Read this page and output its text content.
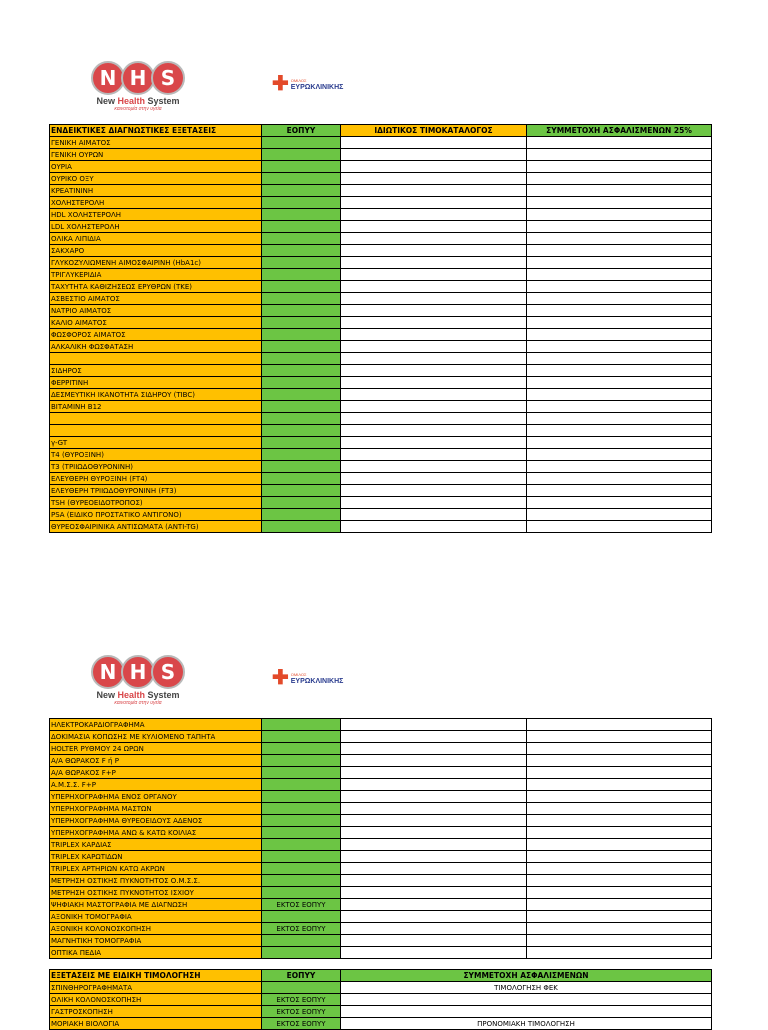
N H S
New Health System
καινοτομία στην υγεία
✚ ΟΜΙΛΟΣ
ΕΥΡΩΚΛΙΝΙΚΗΣ
ΕΝΔΕΙΚΤΙΚΕΣ ΔΙΑΓΝΩΣΤΙΚΕΣ ΕΞΕΤΑΣΕΙΣ	ΕΟΠΥΥ	ΙΔΙΩΤΙΚΟΣ ΤΙΜΟΚΑΤΑΛΟΓΟΣ	ΣΥΜΜΕΤΟΧΗ ΑΣΦΑΛΙΣΜΕΝΩΝ 25%
ΓΕΝΙΚΗ ΑΙΜΑΤΟΣ			
ΓΕΝΙΚΗ ΟΥΡΩΝ			
ΟΥΡΙΑ			
ΟΥΡΙΚΟ ΟΞΥ			
ΚΡΕΑΤΙΝΙΝΗ			
ΧΟΛΗΣΤΕΡΟΛΗ			
HDL ΧΟΛΗΣΤΕΡΟΛΗ			
LDL ΧΟΛΗΣΤΕΡΟΛΗ			
ΟΛΙΚΑ ΛΙΠΙΔΙΑ			
ΣΑΚΧΑΡΟ			
ΓΛΥΚΟΖΥΛΙΩΜΕΝΗ ΑΙΜΟΣΦΑΙΡΙΝΗ (HbA1c)			
ΤΡΙΓΛΥΚΕΡΙΔΙΑ			
ΤΑΧΥΤΗΤΑ ΚΑΘΙΖΗΣΕΩΣ ΕΡΥΘΡΩΝ (ΤΚΕ)			
ΑΣΒΕΣΤΙΟ ΑΙΜΑΤΟΣ			
ΝΑΤΡΙΟ ΑΙΜΑΤΟΣ			
ΚΑΛΙΟ ΑΙΜΑΤΟΣ			
ΦΩΣΦΟΡΟΣ ΑΙΜΑΤΟΣ			
ΑΛΚΑΛΙΚΗ ΦΩΣΦΑΤΑΣΗ			

ΣΙΔΗΡΟΣ			
ΦΕΡΡΙΤΙΝΗ			
ΔΕΣΜΕΥΤΙΚΗ ΙΚΑΝΟΤΗΤΑ ΣΙΔΗΡΟΥ (TIBC)			
ΒΙΤΑΜΙΝΗ Β12			

γ-GT			
T4 (ΘΥΡΟΞΙΝΗ)			
T3 (ΤΡΙΙΩΔΟΘΥΡΟΝΙΝΗ)			
ΕΛΕΥΘΕΡΗ ΘΥΡΟΞΙΝΗ (FT4)			
ΕΛΕΥΘΕΡΗ ΤΡΙΙΩΔΟΘΥΡΟΝΙΝΗ (FT3)			
TSH (ΘΥΡΕΟΕΙΔΟΤΡΟΠΟΣ)			
PSA (ΕΙΔΙΚΟ ΠΡΟΣΤΑΤΙΚΟ ΑΝΤΙΓΟΝΟ)			
ΘΥΡΕΟΣΦΑΙΡΙΝΙΚΑ ΑΝΤΙΣΩΜΑΤΑ (ANTI-TG)			
N H S
New Health System
καινοτομία στην υγεία
✚ ΟΜΙΛΟΣ
ΕΥΡΩΚΛΙΝΙΚΗΣ
ΗΛΕΚΤΡΟΚΑΡΔΙΟΓΡΑΦΗΜΑ			
ΔΟΚΙΜΑΣΙΑ ΚΟΠΩΣΗΣ ΜΕ ΚΥΛΙΟΜΕΝΟ ΤΑΠΗΤΑ			
HOLTER ΡΥΘΜΟΥ 24 ΩΡΩΝ			
Α/Α ΘΩΡΑΚΟΣ F ή P			
Α/Α ΘΩΡΑΚΟΣ F+P			
Α.Μ.Σ.Σ. F+P			
ΥΠΕΡΗΧΟΓΡΑΦΗΜΑ ΕΝΟΣ ΟΡΓΑΝΟΥ			
ΥΠΕΡΗΧΟΓΡΑΦΗΜΑ ΜΑΣΤΩΝ			
ΥΠΕΡΗΧΟΓΡΑΦΗΜΑ ΘΥΡΕΟΕΙΔΟΥΣ ΑΔΕΝΟΣ			
ΥΠΕΡΗΧΟΓΡΑΦΗΜΑ ΑΝΩ & ΚΑΤΩ ΚΟΙΛΙΑΣ			
TRIPLEX ΚΑΡΔΙΑΣ			
TRIPLEX ΚΑΡΩΤΙΔΩΝ			
TRIPLEX ΑΡΤΗΡΙΩΝ ΚΑΤΩ ΑΚΡΩΝ			
ΜΕΤΡΗΣΗ ΟΣΤΙΚΗΣ ΠΥΚΝΟΤΗΤΟΣ Ο.Μ.Σ.Σ.			
ΜΕΤΡΗΣΗ ΟΣΤΙΚΗΣ ΠΥΚΝΟΤΗΤΟΣ ΙΣΧΙΟΥ			
ΨΗΦΙΑΚΗ ΜΑΣΤΟΓΡΑΦΙΑ ΜΕ ΔΙΑΓΝΩΣΗ	ΕΚΤΟΣ ΕΟΠΥΥ		
ΑΞΟΝΙΚΗ ΤΟΜΟΓΡΑΦΙΑ			
ΑΞΟΝΙΚΗ ΚΟΛΟΝΟΣΚΟΠΗΣΗ	ΕΚΤΟΣ ΕΟΠΥΥ		
ΜΑΓΝΗΤΙΚΗ ΤΟΜΟΓΡΑΦΙΑ			
ΟΠΤΙΚΑ ΠΕΔΙΑ			
ΕΞΕΤΑΣΕΙΣ ΜΕ ΕΙΔΙΚΗ ΤΙΜΟΛΟΓΗΣΗ	ΕΟΠΥΥ	ΣΥΜΜΕΤΟΧΗ ΑΣΦΑΛΙΣΜΕΝΩΝ
ΣΠΙΝΘΗΡΟΓΡΑΦΗΜΑΤΑ		ΤΙΜΟΛΟΓΗΣΗ ΦΕΚ
ΟΛΙΚΗ ΚΟΛΟΝΟΣΚΟΠΗΣΗ	ΕΚΤΟΣ ΕΟΠΥΥ	
ΓΑΣΤΡΟΣΚΟΠΗΣΗ	ΕΚΤΟΣ ΕΟΠΥΥ	
ΜΟΡΙΑΚΗ ΒΙΟΛΟΓΙΑ	ΕΚΤΟΣ ΕΟΠΥΥ	ΠΡΟΝΟΜΙΑΚΗ ΤΙΜΟΛΟΓΗΣΗ
